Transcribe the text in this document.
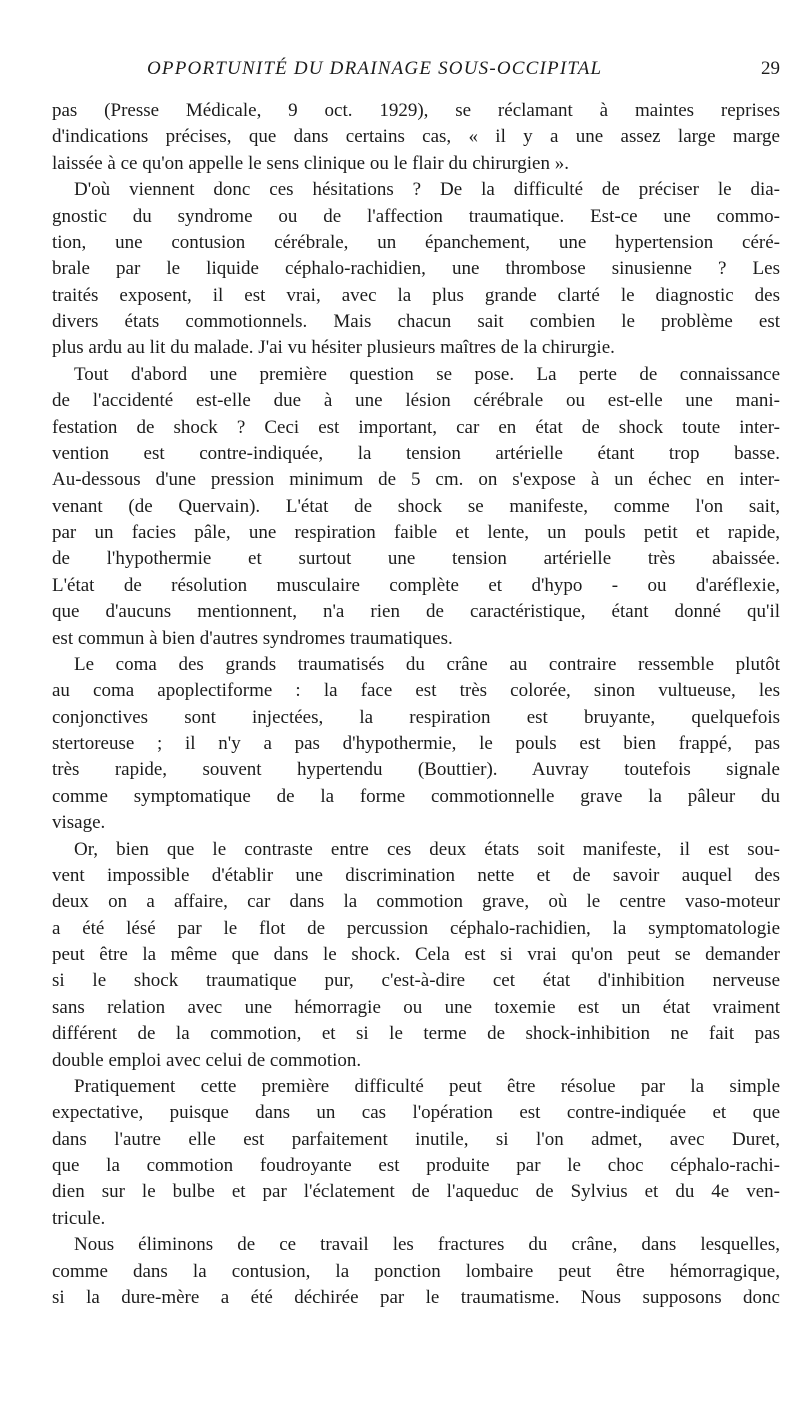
OPPORTUNITÉ DU DRAINAGE SOUS-OCCIPITAL	29
pas (Presse Médicale, 9 oct. 1929), se réclamant à maintes reprises
d'indications précises, que dans certains cas, « il y a une assez large marge
laissée à ce qu'on appelle le sens clinique ou le flair du chirurgien ».
D'où viennent donc ces hésitations ? De la difficulté de préciser le dia-
gnostic du syndrome ou de l'affection traumatique. Est-ce une commo-
tion, une contusion cérébrale, un épanchement, une hypertension céré-
brale par le liquide céphalo-rachidien, une thrombose sinusienne ? Les
traités exposent, il est vrai, avec la plus grande clarté le diagnostic des
divers états commotionnels. Mais chacun sait combien le problème est
plus ardu au lit du malade. J'ai vu hésiter plusieurs maîtres de la chirurgie.
Tout d'abord une première question se pose. La perte de connaissance
de l'accidenté est-elle due à une lésion cérébrale ou est-elle une mani-
festation de shock ? Ceci est important, car en état de shock toute inter-
vention est contre-indiquée, la tension artérielle étant trop basse.
Au-dessous d'une pression minimum de 5 cm. on s'expose à un échec en inter-
venant (de Quervain). L'état de shock se manifeste, comme l'on sait,
par un facies pâle, une respiration faible et lente, un pouls petit et rapide,
de l'hypothermie et surtout une tension artérielle très abaissée.
L'état de résolution musculaire complète et d'hypo - ou d'aréflexie,
que d'aucuns mentionnent, n'a rien de caractéristique, étant donné qu'il
est commun à bien d'autres syndromes traumatiques.
Le coma des grands traumatisés du crâne au contraire ressemble plutôt
au coma apoplectiforme : la face est très colorée, sinon vultueuse, les
conjonctives sont injectées, la respiration est bruyante, quelquefois
stertoreuse ; il n'y a pas d'hypothermie, le pouls est bien frappé, pas
très rapide, souvent hypertendu (Bouttier). Auvray toutefois signale
comme symptomatique de la forme commotionnelle grave la pâleur du
visage.
Or, bien que le contraste entre ces deux états soit manifeste, il est sou-
vent impossible d'établir une discrimination nette et de savoir auquel des
deux on a affaire, car dans la commotion grave, où le centre vaso-moteur
a été lésé par le flot de percussion céphalo-rachidien, la symptomatologie
peut être la même que dans le shock. Cela est si vrai qu'on peut se demander
si le shock traumatique pur, c'est-à-dire cet état d'inhibition nerveuse
sans relation avec une hémorragie ou une toxemie est un état vraiment
différent de la commotion, et si le terme de shock-inhibition ne fait pas
double emploi avec celui de commotion.
Pratiquement cette première difficulté peut être résolue par la simple
expectative, puisque dans un cas l'opération est contre-indiquée et que
dans l'autre elle est parfaitement inutile, si l'on admet, avec Duret,
que la commotion foudroyante est produite par le choc céphalo-rachi-
dien sur le bulbe et par l'éclatement de l'aqueduc de Sylvius et du 4e ven-
tricule.
Nous éliminons de ce travail les fractures du crâne, dans lesquelles,
comme dans la contusion, la ponction lombaire peut être hémorragique,
si la dure-mère a été déchirée par le traumatisme. Nous supposons donc
